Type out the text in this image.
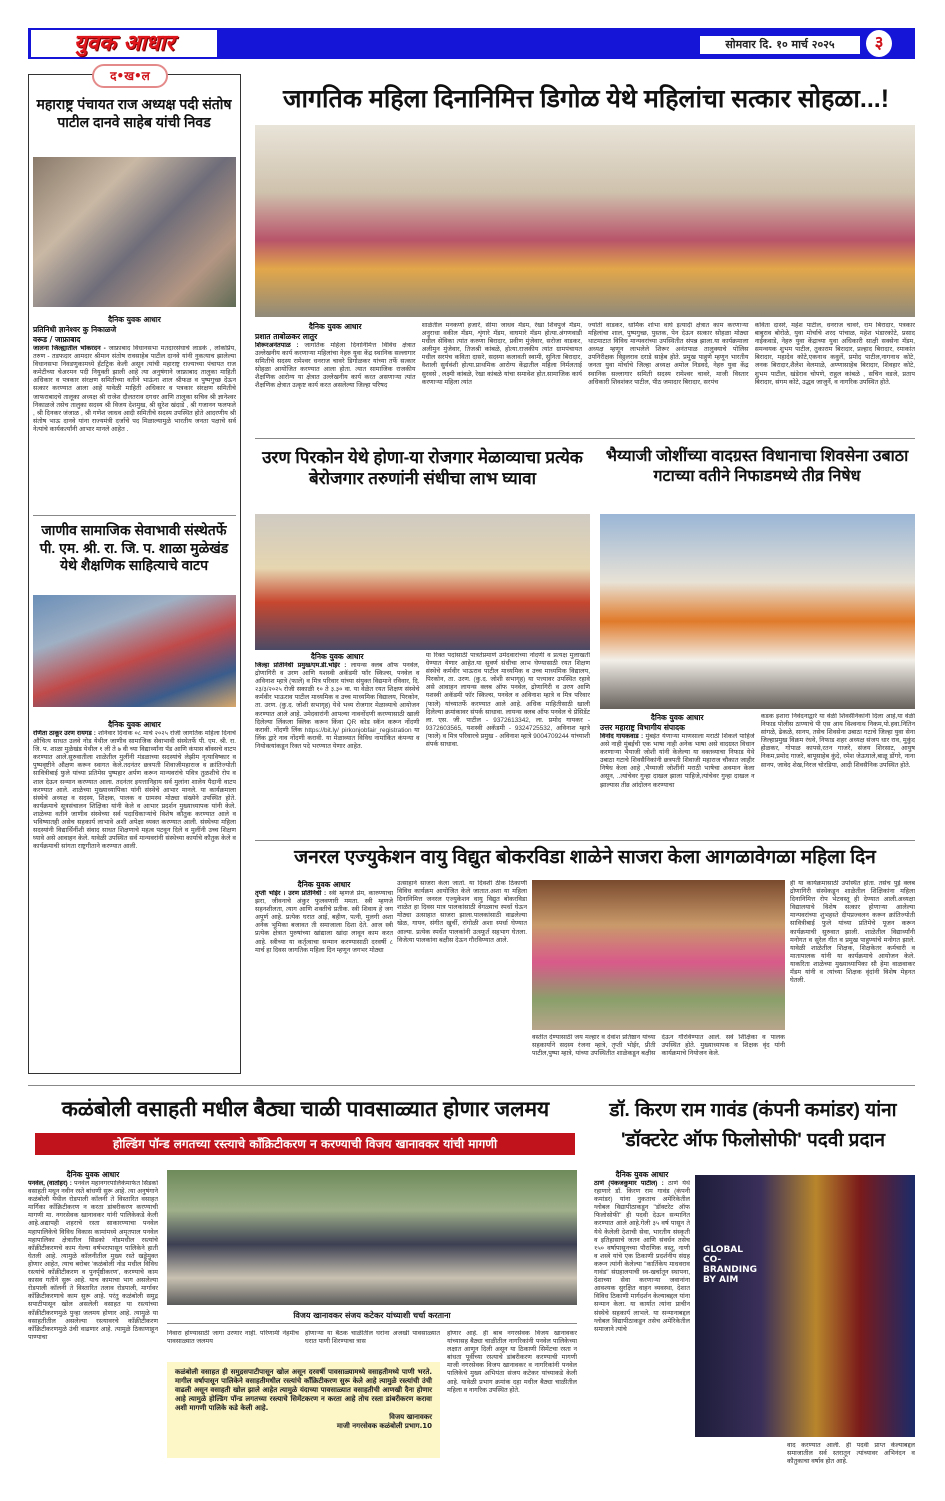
युवक आधार	सोमवार दि. १० मार्च २०२५	३
द•ख•ल
महाराष्ट्र पंचायत राज अध्यक्ष पदी संतोष पाटील दानवे साहेब यांची निवड
दैनिक युवक आधार
प्रतिनिधी ज्ञानेश्वर कु निकाळजे
वरूड / जाफ्राबाद
जालना जिल्ह्यातील भोकरदन - जाफ्राबाद विधानसभा मतदारसंघाचे लाडके , लोकप्रिय, तरुण - तडफदार आमदार श्रीमान संतोष रावसाहेब पाटील दानवे यांनी नुकत्याच झालेल्या विधानसभा निवडणुकामध्ये हॅटट्रिक केली असून त्यांची महाराष्ट्र राज्याच्या पंचायत राज कमेटीच्या चेअरमन पदी नियुक्ती झाली आहे त्या अनुषंगाने जाफ्राबाद तालुका माहिती अधिकार व पत्रकार संरक्षण समितीच्या वतीने भाऊंना शाल श्रीफळ व पुष्पगुच्छ देऊन सत्कार करण्यात आला आहे यावेळी माहिती अधिकार व पत्रकार संरक्षण समितीचे जाफराबादचे तालूका अध्यक्ष श्री राजेश दौलतराव दगधर आणि तालूका सचिव श्री ज्ञानेश्वर निकाळजे तसेच तालुका सदस्य श्री विजय देशमुख, श्री सुरेश खंदाडे , श्री गजानन फलफले , श्री दिनकर जंजाळ , श्री गणेश जाधव आदी समितीचे सदस्य उपस्थित होते आदरणीय श्री संतोष भाऊ दानवे यांना राज्यमंत्री दर्जाचे पद मिळाल्यामुळे भारतीय जनता पक्षाचे सर्व नेत्यांचे कार्यकर्त्यांनी आभार मानले आहेत .
जाणीव सामाजिक सेवाभावी संस्थेतर्फे पी. एम. श्री. रा. जि. प. शाळा मुळेखंड येथे शैक्षणिक साहित्याचे वाटप
दैनिक युवक आधार
रणिता ठाकूर उरण रायगड : शनिवार दिनांक ०८ मार्च २०२५ रोजी जागतिक महिला दिनाचे औचित्य साधत उलवे नोड येथील जाणीव सामाजिक सेवाभावी संस्थेतर्फे पी. एम. श्री. रा. जि. प. शाळा मुळेखंड येथील १ ली ते ७ वी च्या विद्यार्थ्यांना पॅड आणि कंपास बॉक्सचे वाटप करण्यात आले.सुरुवातीला शाळेतील मुलींनी मंडळाच्या सदस्यांचे लेझीम नृत्याविष्कार व पुष्पवृष्टीने औक्षण करून स्वागत केले.तदनंतर छत्रपती शिवाजीमहाराज व क्रांतिज्योती सावित्रीबाई फुले यांच्या प्रतिमेस पुष्पहार अर्पण करून मान्यवरांचे पवित्र तुळशीचे रोप व शाल देऊन सन्मान करण्यात आला. तदनंतर इयत्तानिहाय सर्व मुलांना शालेय पैदानी वाटप करण्यात आले. शाळेच्या मुख्याध्यापिका यांनी संस्थेचे आभार मानले. या कार्यक्रमाला संस्थेचे अध्यक्ष व सदस्य, शिक्षक, पालक व ग्रामस्थ मोठ्या संख्येने उपस्थित होते. कार्यक्रमाचे सूत्रसंचालन शिक्षिका यांनी केले व आभार प्रदर्शन मुख्याध्यापक यांनी केले. शाळेच्या वतीने जाणीव संस्थेच्या सर्व पदाधिकाऱ्यांचे विशेष कौतुक करण्यात आले व भविष्यातही असेच सहकार्य लाभावे अशी अपेक्षा व्यक्त करण्यात आली. संस्थेच्या महिला सदस्यांनी विद्यार्थिनींशी संवाद साधत शिक्षणाचे महत्व पटवून दिले व मुलींनी उच्च शिक्षण घ्यावे असे आवाहन केले. यावेळी उपस्थित सर्व मान्यवरांनी संस्थेच्या कार्याचे कौतुक केले व कार्यक्रमाची सांगता राष्ट्रगीताने करण्यात आली.
जागतिक महिला दिनानिमित्त डिगोळ येथे महिलांचा सत्कार सोहळा...!
दैनिक युवक आधार
प्रशात ताबोळकर लातुर
शिरूरअनंतपाळ : जागतिक महिला दिनानिमित्त विविध क्षेत्रात उल्लेखनीय कार्य करणाऱ्या महिलांचा नेहरु युवा केंद्र स्थानिक सल्लागार समितीचे सदस्य रामेश्वर धनराज चावरे डिगोळकर यांच्या तर्फे सत्कार सोहळा आयोजित करण्यात आला होता. त्यात सामाजिक राजकीय शैक्षणिक आरोग्य या क्षेत्रात उल्लेखनीय कार्य करत असणाऱ्या त्यांत शैक्षणिक क्षेत्रात उत्कृष्ट कार्य करत असलेल्या जिल्हा परिषद
शाळेतील मनकर्णा हजारे, सीमा जाधव मॅडम, रेखा शिवपुजे मॅडम, अनुराधा वकील मॅडम, शृंगारे मॅडम, वाघमारे मॅडम होत्या.अंगणवाडी मधील सेविका त्यांत करुणा बिरादार, प्रवीण मुंजेवार, सरोजा वाडकर, अलीमुन मुंजेवार, तिजश्री कांबळे, होत्या.राजकीय त्यांत ग्रामपंचायत मधील सरपंच कविता दासरे, सदस्या कलावती स्वामी, सुनिता बिरादार, वैशाली सुर्यवंशी होत्या.प्राथमिक आरोग्य केंद्रातील महिला निर्मलताई सुरवसे , लक्ष्मी कांबळे, रेखा कांबळे यांचा समावेश होत.सामाजिक कार्य करणाऱ्या महिला त्यांत
ज्योती वाडकर, धार्मिक शोभा वाघे इत्यादी क्षेत्रात काम करणाऱ्या महिलांचा शाल, पुष्पगुच्छ, पुस्तक, पेन देऊन सत्कार सोहळा मोठ्या थाटमाटात विविध मान्यवरांच्या उपस्थितीत संपन्न झाला.या कार्यक्रमाला अध्यक्ष म्हणून लाभलेले शिरूर अनंतपाळ तालुक्याचे पोलिस उपनिरीक्षक विठ्ठलराव दराडे साहेब होते. प्रमुख पाहुणे म्हणून भारतीय जनता युवा मोर्चाचे जिल्हा अध्यक्ष अमोल निडवदे, नेहरु युवा केंद्र स्थानिक सल्लागार समिती सदस्य रामेश्वर चावरे, माजी विस्तार अधिकारी शिवशंकर पाटील, पीठ जमादार बिरादार, सरपंच
कविता दासरे, महेश पाटील, धनराज चावरे, राम बिरादार, पत्रकार बाबुराव बोरोळे, युवा मोर्चाचे शरद पांचाळ, महेश भंडारकोटे, प्रसाद नाईकवाडे, नेहरु युवा केंद्राच्या युवा अधिकारी साक्षी सक्सेना मॅडम, समन्वयक शुभम पाटील, तुकाराम बिरादार, प्रल्हाद बिरादार, रमाकांत बिरादार, महादेव कोटे,एकनाथ कवुर्ले, प्रमोद पाटील,नागनाथ कोटे, जनक बिरादार,शैलेश वेलमाळे, अण्णासाहेब बिरादार, शिवहार कोटे, शुभम पाटील, खंडेराव चोपणे, राहुल कांबळे , सचिन वडजे, प्रताप बिरादार, संगम कोटे, उद्धव जाजुर्ने, व नागरिक उपस्थित होते.
उरण पिरकोन येथे होणा-या रोजगार मेळाव्याचा प्रत्येक बेरोजगार तरुणांनी संधीचा लाभ घ्यावा
दैनिक युवक आधार
जिल्हा प्रतिनिधी प्रमुख/एम.डी.भोईर : लायन्स क्लब ऑफ पनवेल, द्रोणागिरी व उरण आणि यशस्वी अकॅडमी फॉर स्किल्स, पनवेल व अविनाश म्हात्रे (फाले) व मित्र परिवार यांच्या संयुक्त विद्यमाने रविवार, दि. २३/३/२०२५ रोजी सकाळी १० ते ३.३० वा. या वेळेत रयत शिक्षण संस्थेचे कर्मवीर भाऊराव पाटील माध्यमिक व उच्च माध्यमिक विद्यालय, पिरकोन, ता. उरण. (कु.द. जोशी सभागृह) येथे भव्य रोजगार मेळाव्याचे आयोजन करण्यात आले आहे. उमेदवारांनी आपल्या नावनोंदणी करण्यासाठी खाली दिलेल्या लिंकला क्लिक करून किंवा QR कोड स्कॅन करून नोंदणी करावी. नोंदणी लिंक https://bit.ly/ pirkonjobfair_registration या लिंक द्वारे नाव नोंदणी करावी. या मेळाव्यात विविध नामांकित कंपन्या व नियोक्त्यांकडून रिक्त पदे भरण्यात येणार आहेत.
या रिक्त पदांसाठी पात्रतेप्रमाणे उमेदवारांच्या नोंदणी व प्रत्यक्ष मुलाखती घेण्यात येणार आहेत.या सुवर्ण संधीचा लाभ घेण्यासाठी रयत शिक्षण संस्थेचे कर्मवीर भाऊराव पाटील माध्यमिक व उच्च माध्यमिक विद्यालय, पिरकोन, ता. उरण. (कु.द. जोशी सभागृह) या पत्त्यावर उपस्थित रहावे असे आवाहन लायन्स क्लब ऑफ पनवेल, द्रोणागिरी व उरण आणि यशस्वी अकॅडमी फॉर स्किल्स, पनवेल व अविनाश म्हात्रे व मित्र परिवार (फाले) यांच्यातर्फे करण्यात आले आहे. अधिक माहितीसाठी खाली दिलेल्या क्रमांकावर संपर्क साधावा. लायन्स क्लब ऑफ पनवेल चे प्रेसिडेंट ला. एस. जी. पाटील - 9372613342, ला. प्रमोद गायकर - 9372603565, यशस्वी अकॅडमी - 9324725532, अविनाश म्हात्रे (फाले) व मित्र परिवारचे प्रमुख - अविनाश म्हात्रे 9004709244 यांच्याशी संपर्क साधावा.
भैय्याजी जोशींच्या वादग्रस्त विधानाचा शिवसेना उबाठा गटाच्या वतीने निफाडमध्ये तीव्र निषेध
दैनिक युवक आधार
उत्तर महाराष्ट्र विभागीय संपादक
विनोद गायकवाड : मुंबईत येणाऱ्या माणसाला मराठी शिकले पाहिजे असे नाही मुंबईची एक भाषा नाही अनेक भाषा असे वादग्रस्त विधान करणाऱ्या भैयाजी जोशी यांनी केलेल्या या वक्तव्याचा निफाड येथे उबाठा गटाचे शिवसैनिकांनी छत्रपती शिवाजी महाराज चौकात जाहीर निषेध केला आहे ,भैय्याजी जोशींनी मराठी भाषेचा अवमान केला असून, ..त्यांचेवर गुन्हा दाखल झाला पाहिजे,त्यांचेवर गुन्हा दाखल न झाल्यास तीव्र आंदोलन करण्याचा
कडक इशारा निवेदनाद्वारे या वेळी शिवसैनिकांनी दिला आहे,या वेळी निफाड पोलीस ठाण्याचे पी एस आय विश्वनाथ निकम,पो.हवा.नितिन सांगळे, ढेकळे, सानप, तसेच शिवसेना उबाठा गटाचे जिल्हा युवा सेना जिल्हाप्रमुख विक्रम रंधवे, निफाड शहर अध्यक्ष संजय धार राव, मुकुंद होळकर, गोपाळ कापसे,रतन गाजरे, संजय शिरसाट, आयुष निकम,प्रमोद गाजरे, बापूसाहेब कुंदे, रमेश जेऊघाले,बाळू डोंगरे, नाना सानप, जावेद शेख,निरज चोरडिया, आदी शिवसैनिक उपस्थित होते.
जनरल एज्युकेशन वायु विद्युत बोकरविडा शाळेने साजरा केला आगळावेगळा महिला दिन
दैनिक युवक आधार
तृप्ती भोईर । उरण प्रतिनिधी : स्त्री म्हणजे प्रेम, कारुण्याचा झरा, जीवनाचे अंकुर फुलवणारी ममता. स्त्री म्हणजे सहनशीलता, त्याग आणि शक्तीचे प्रतीक. स्त्री शिवाय हे जग अपूर्ण आहे. प्रत्येक घरात आई, बहीण, पत्नी, मुलगी अशा अनेक भूमिका बजावत ती समाजाला दिशा देते. आज स्त्री प्रत्येक क्षेत्रात पुरुषांच्या खांद्याला खांदा लावून काम करत आहे. स्त्रीच्या या कर्तृत्वाचा सन्मान करण्यासाठी दरवर्षी ८ मार्च हा दिवस जागतिक महिला दिन म्हणून जगभर मोठ्या
उत्साहाने साजरा केला जातो. या दिवशी ठीक ठिकाणी विविध कार्यक्रम आयोजित केले जातात.अशा या महिला दिनानिमित्त जनरल एज्युकेशन वायु विद्युत बोकरविडा शाळेत हा दिवस मात्र पालकांसाठी वेगळ्याच स्पर्धा घेऊन मोठ्या उत्साहात साजरा झाला.पालकांसाठी वाढलेल्या खेळ, गायन, संगीत खुर्ची, रांगोळी अशा स्पर्धा घेण्यात आल्या. प्रत्येक स्पर्धेत पालकांनी उत्स्फूर्त सहभाग घेतला. विजेत्या पालकांना बक्षीस देऊन गौरविण्यात आले.
वस्तीत देण्यासाठी जय मल्हार व देवांश प्रतिष्ठान यांच्या सहकार्याने सदस्य रंजना म्हात्रे, तृप्ती भोईर, प्रीती पाटील,पुष्पा म्हात्रे, यांच्या उपस्थितीत शाळेकडून बक्षीस देऊन गौरविण्यात आले. सर्व शिक्षिका व पालक उपस्थित होते. मुख्याध्यापक व शिक्षक वृंद यांनी कार्यक्रमाचे नियोजन केले.
ही या कार्यक्रमासाठी उपस्थित होता. तसेच पुई क्लब द्रोणागिरी संस्थेकडून शाळेतील शिक्षिकांना महिला दिनानिमित्त रोप भेटवस्तू ही देण्यात आली.अध्यक्षा विद्यालयाचे विशेष सत्कार होणाऱ्या आलेल्या मान्यवरांच्या शुभहस्ते दीपप्रज्वलन करून क्रांतिज्योती सावित्रीबाई फुले यांच्या प्रतिमेचे पूजन करून कार्यक्रमाची सुरुवात झाली. शाळेतील विद्यार्थ्यांनी मनोगत व सुरेल गीत व प्रमुख पाहुण्यांचे मनोगत झाले. यावेळी शाळेतील शिक्षक, शिक्षकेतर कर्मचारी व मातापालक यांनी या कार्यक्रमाचे आयोजन केले. याकरिता शाळेच्या मुख्याध्यापिका सौ हेमा वाळवाकर मॅडम यांनी व त्यांच्या शिक्षक वृंदांनी विशेष मेहनत घेतली.
कळंबोली वसाहती मधील बैठ्या चाळी पावसाळ्यात होणार जलमय
होल्डिंग पॉन्ड लगतच्या रस्त्याचे कॉंक्रिटीकरण न करण्याची विजय खानावकर यांची मागणी
दैनिक युवक आधार
पनवेल, (वार्ताहर) : पनवेल महानगरपालिकेमार्फत सिडको वसाहती मधून नवीन रस्ते बांधणी सुरू आहे. त्या अनुषंगाने कळंबोली येथील रोडपाली कॉलनी ते विस्तारित वसाहत मार्गिका काँक्रिटीकरण न करता डांबरीकरण करण्याची मागणी मा. नगरसेवक खानावकर यांनी पालिकेकडे केली आहे.अद्यापही शहराचे रस्ता साकारण्याचा पनवेल महापालिकेचे विविध विकास कामांमध्ये अमृतपाल पनवेल महापालिका क्षेत्रातील सिडको नोडमधील रस्त्यांचे कॉंक्रीटीकरणचे काम गेल्या वर्षभरापासून पालिकेने हाती घेतली आहे. त्यामुळे कॉलनीतील मुख्य रस्ते खड्डेमुक्त होणार आहेत, त्याच बरोबर 'कळंबोली नोड मधील विविध रस्त्यांचे कॉंक्रीटीकरण व पुनर्पृष्ठीकरण', करण्याचे काम कासव गतीने सुरू आहे. याच कामाचा भाग असलेल्या रोडपाली कॉलनी ते विस्तारित तलाव रोडपाली, मार्गावर कॉंक्रिटीकरणाचे काम सुरू आहे. परंतु कळंबोली समुद्र सपाटीपासून खोल असलेली वसाहत या रस्त्यांच्या कॉंक्रीटीकरणमुळे पुन्हा जलमय होणार आहे. त्यामुळे या वसाहतीतील असलेल्या रस्त्यावरचे कॉंक्रीटीकरण कॉंक्रिटीकरणमुळे उंची वाढणार आहे. त्यामुळे ठिकाणाहून पाण्याचा
विजय खानावकर संजय कटेकर यांच्याशी चर्चा करताना
निवारा होण्यासाठी जागा उरणार नाही. परिणामी नेहमीच पावसाळ्यात जलमय
होणाऱ्या या बैठक चाळीतील घरांना अजखी पावसाळ्यात घरात पाणी शिरण्याचा त्रास
कळंबोली वसाहत ही समुद्रसपाटीपासून खोल असून दरवर्षी पावसाळ्यामध्ये वसाहतीमध्ये पाणी भरते. मागील वर्षापासून पालिकेने वसाहतीमधील रस्त्यांचे कॉंक्रिटीकरण सुरू केले आहे त्यामुळे रस्त्यांची उंची वाढली असून वसाहती खोल झाले आहेत त्यामुळे यंदाच्या पावसाळ्यात वसाहतीची आणखी दैना होणार आहे त्यामुळे होल्डिंग पॉन्ड लगतच्या रस्त्याचे सिमेंटकरण न करता आहे तोच रस्ता डांबरीकरण करावा अशी मागणी पालिके कडे केली आहे.
विजय खानावकर
माजी नगरसेवक कळंबोली प्रभाग.10
होणार आहे. ही बाब नगरसेवक विजय खानावकर यांच्यासह बैठ्या चाळीतील नागरिकांनी पनवेल पालिकेच्या लक्षात आणून दिली असून या ठिकाणी सिमेंटचा रस्ता न बांधता पूर्वीच्या रस्त्याचे डांबरीकरण करण्याची मागणी माजी नगरसेवक विजय खानावकर व नागरिकांनी पनवेल पालिकेचे मुख्य अभियंता संजय कटेकर यांच्याकडे केली आहे. यावेळी प्रभाग क्रमांक दहा मधील बैठ्या चाळीतील महिला व नागरिक उपस्थित होते.
डॉ. किरण राम गावंड (कंपनी कमांडर) यांना 'डॉक्टरेट ऑफ फिलोसोफी' पदवी प्रदान
दैनिक युवक आधार
ठाणे (पंकजकुमार पाटील) : ठाणे येथे रहाणारे डॉ. किरण राम गावंड (कंपनी कमांडर) यांना नुकताच अमेरिकेतील ग्लोबल विद्यापीठाकडून "डॉक्टरेट ऑफ फिलोसोफी" ही पदवी देऊन सन्मानित करण्यात आले आहे.गेली ३५ वर्ष पासून ते येथे केलेली देशाची सेवा, भारतीय संस्कृती व इतिहासाचे जतन आणि संवर्धन तसेच १५० वर्षापासूनच्या पौराणिक वस्तू, नाणी व शस्त्रे यांचे एक ठिकाणी प्रदर्शनीय संग्रह करून त्यांनी केलेल्या "कार्तिकेय माधवराव गावंड" संग्रहालयाची स्व-खर्चातून स्थापना, देशाच्या सेवा करणाऱ्या जवानांना आवश्यक सुरक्षित वाहन व्यवस्था, देशात विविध ठिकाणी मार्गदर्शन केल्याबद्दल यांना सन्मान केला. या कार्यात त्यांना प्राचीन संस्थेचे सहकार्य लाभले. या सन्मानाबद्दल ग्लोबल विद्यापीठाकडून तसेच अमेरिकेतील समाजाने त्यांचे
GLOBAL CO-BRANDING BY AIM
वाद करण्यात आली. ही पदवी प्राप्त केल्याबद्दल समाजातील सर्व स्तरातून त्यांच्यावर अभिनंदन व कौतुकाचा वर्षाव होत आहे.
